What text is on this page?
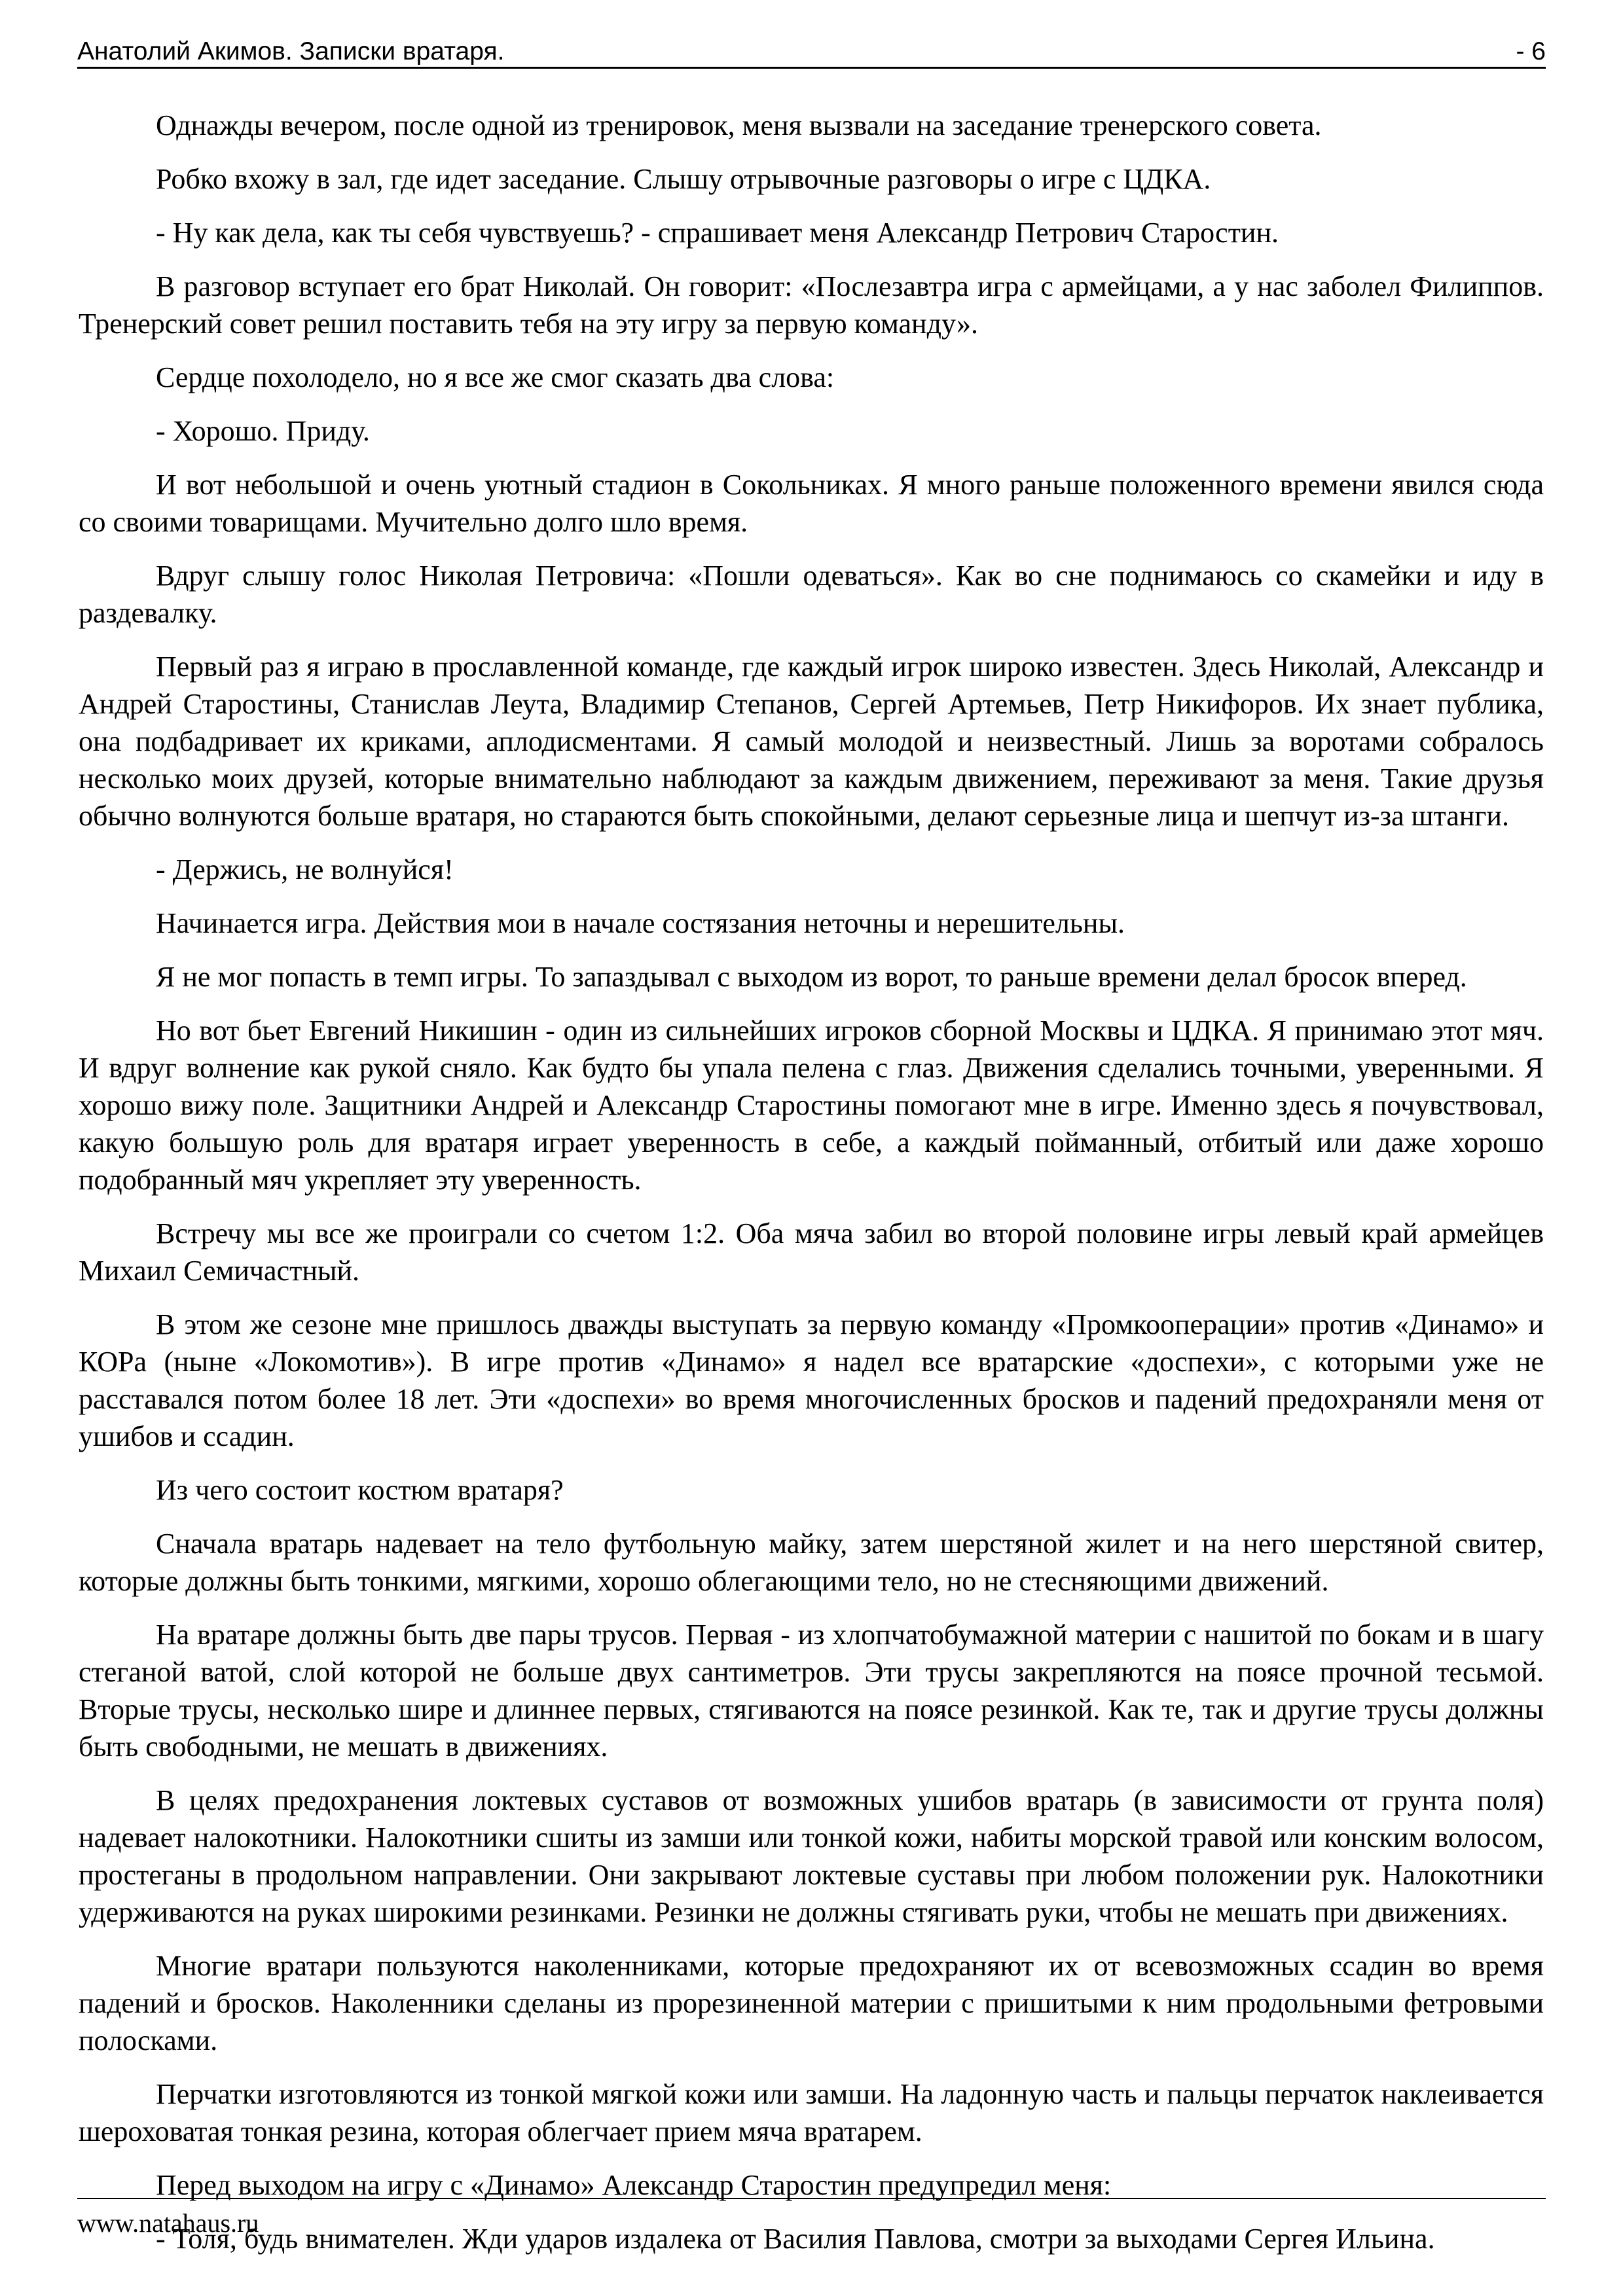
Анатолий Акимов. Записки вратаря.	- 6

Однажды вечером, после одной из тренировок, меня вызвали на заседание тренерского совета.

Робко вхожу в зал, где идет заседание. Слышу отрывочные разговоры о игре с ЦДКА.

- Ну как дела, как ты себя чувствуешь? - спрашивает меня Александр Петрович Старостин.

В разговор вступает его брат Николай. Он говорит: «Послезавтра игра с армейцами, а у нас заболел Филиппов. Тренерский совет решил поставить тебя на эту игру за первую команду».

Сердце похолодело, но я все же смог сказать два слова:

- Хорошо. Приду.

И вот небольшой и очень уютный стадион в Сокольниках. Я много раньше положенного времени явился сюда со своими товарищами. Мучительно долго шло время.

Вдруг слышу голос Николая Петровича: «Пошли одеваться». Как во сне поднимаюсь со скамейки и иду в раздевалку.

Первый раз я играю в прославленной команде, где каждый игрок широко известен. Здесь Николай, Александр и Андрей Старостины, Станислав Леута, Владимир Степанов, Сергей Артемьев, Петр Никифоров. Их знает публика, она подбадривает их криками, аплодисментами. Я самый молодой и неизвестный. Лишь за воротами собралось несколько моих друзей, которые внимательно наблюдают за каждым движением, переживают за меня. Такие друзья обычно волнуются больше вратаря, но стараются быть спокойными, делают серьезные лица и шепчут из-за штанги.

- Держись, не волнуйся!

Начинается игра. Действия мои в начале состязания неточны и нерешительны.

Я не мог попасть в темп игры. То запаздывал с выходом из ворот, то раньше времени делал бросок вперед.

Но вот бьет Евгений Никишин - один из сильнейших игроков сборной Москвы и ЦДКА. Я принимаю этот мяч. И вдруг волнение как рукой сняло. Как будто бы упала пелена с глаз. Движения сделались точными, уверенными. Я хорошо вижу поле. Защитники Андрей и Александр Старостины помогают мне в игре. Именно здесь я почувствовал, какую большую роль для вратаря играет уверенность в себе, а каждый пойманный, отбитый или даже хорошо подобранный мяч укрепляет эту уверенность.

Встречу мы все же проиграли со счетом 1:2. Оба мяча забил во второй половине игры левый край армейцев Михаил Семичастный.

В этом же сезоне мне пришлось дважды выступать за первую команду «Промкооперации» против «Динамо» и КОРа (ныне «Локомотив»). В игре против «Динамо» я надел все вратарские «доспехи», с которыми уже не расставался потом более 18 лет. Эти «доспехи» во время многочисленных бросков и падений предохраняли меня от ушибов и ссадин.

Из чего состоит костюм вратаря?

Сначала вратарь надевает на тело футбольную майку, затем шерстяной жилет и на него шерстяной свитер, которые должны быть тонкими, мягкими, хорошо облегающими тело, но не стесняющими движений.

На вратаре должны быть две пары трусов. Первая - из хлопчатобумажной материи с нашитой по бокам и в шагу стеганой ватой, слой которой не больше двух сантиметров. Эти трусы закрепляются на поясе прочной тесьмой. Вторые трусы, несколько шире и длиннее первых, стягиваются на поясе резинкой. Как те, так и другие трусы должны быть свободными, не мешать в движениях.

В целях предохранения локтевых суставов от возможных ушибов вратарь (в зависимости от грунта поля) надевает налокотники. Налокотники сшиты из замши или тонкой кожи, набиты морской травой или конским волосом, простеганы в продольном направлении. Они закрывают локтевые суставы при любом положении рук. Налокотники удерживаются на руках широкими резинками. Резинки не должны стягивать руки, чтобы не мешать при движениях.

Многие вратари пользуются наколенниками, которые предохраняют их от всевозможных ссадин во время падений и бросков. Наколенники сделаны из прорезиненной материи с пришитыми к ним продольными фетровыми полосками.

Перчатки изготовляются из тонкой мягкой кожи или замши. На ладонную часть и пальцы перчаток наклеивается шероховатая тонкая резина, которая облегчает прием мяча вратарем.

Перед выходом на игру с «Динамо» Александр Старостин предупредил меня:

- Толя, будь внимателен. Жди ударов издалека от Василия Павлова, смотри за выходами Сергея Ильина.

www.natahaus.ru
